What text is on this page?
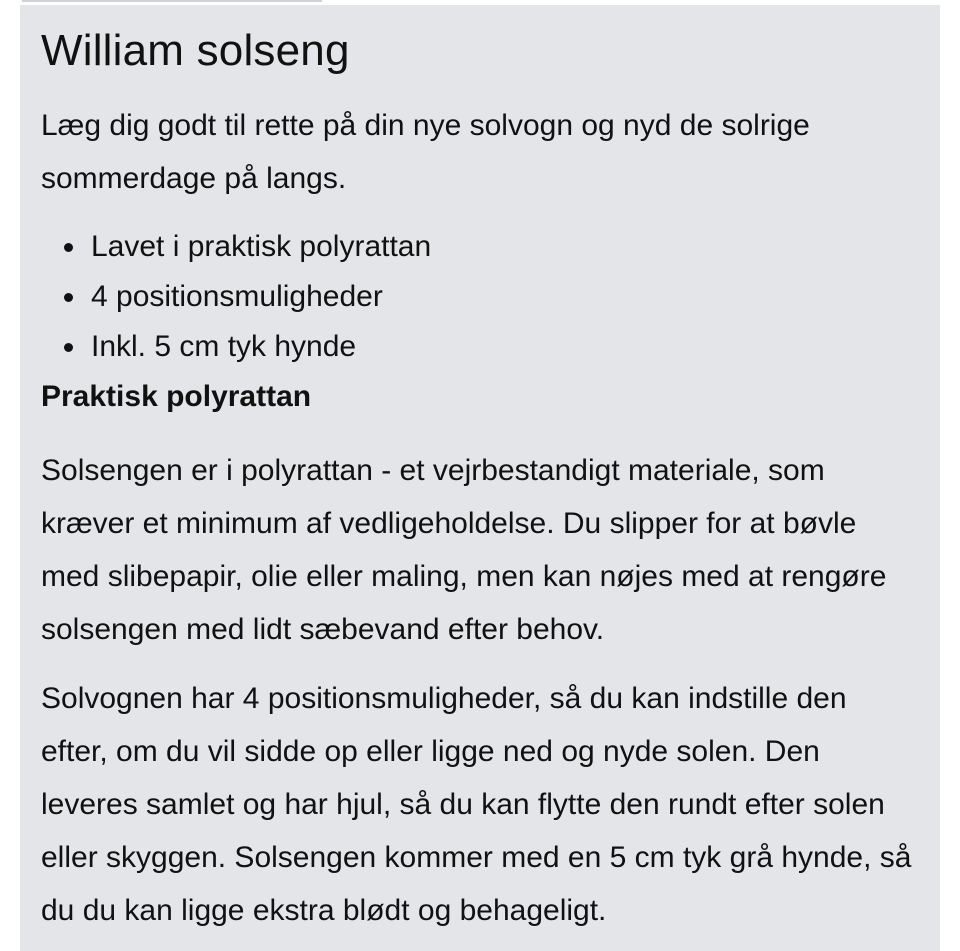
William solseng

Læg dig godt til rette på din nye solvogn og nyd de solrige sommerdage på langs.

Lavet i praktisk polyrattan
4 positionsmuligheder
Inkl. 5 cm tyk hynde
Praktisk polyrattan

Solsengen er i polyrattan - et vejrbestandigt materiale, som kræver et minimum af vedligeholdelse. Du slipper for at bøvle med slibepapir, olie eller maling, men kan nøjes med at rengøre solsengen med lidt sæbevand efter behov.

Solvognen har 4 positionsmuligheder, så du kan indstille den efter, om du vil sidde op eller ligge ned og nyde solen. Den leveres samlet og har hjul, så du kan flytte den rundt efter solen eller skyggen. Solsengen kommer med en 5 cm tyk grå hynde, så du du kan ligge ekstra blødt og behageligt.
